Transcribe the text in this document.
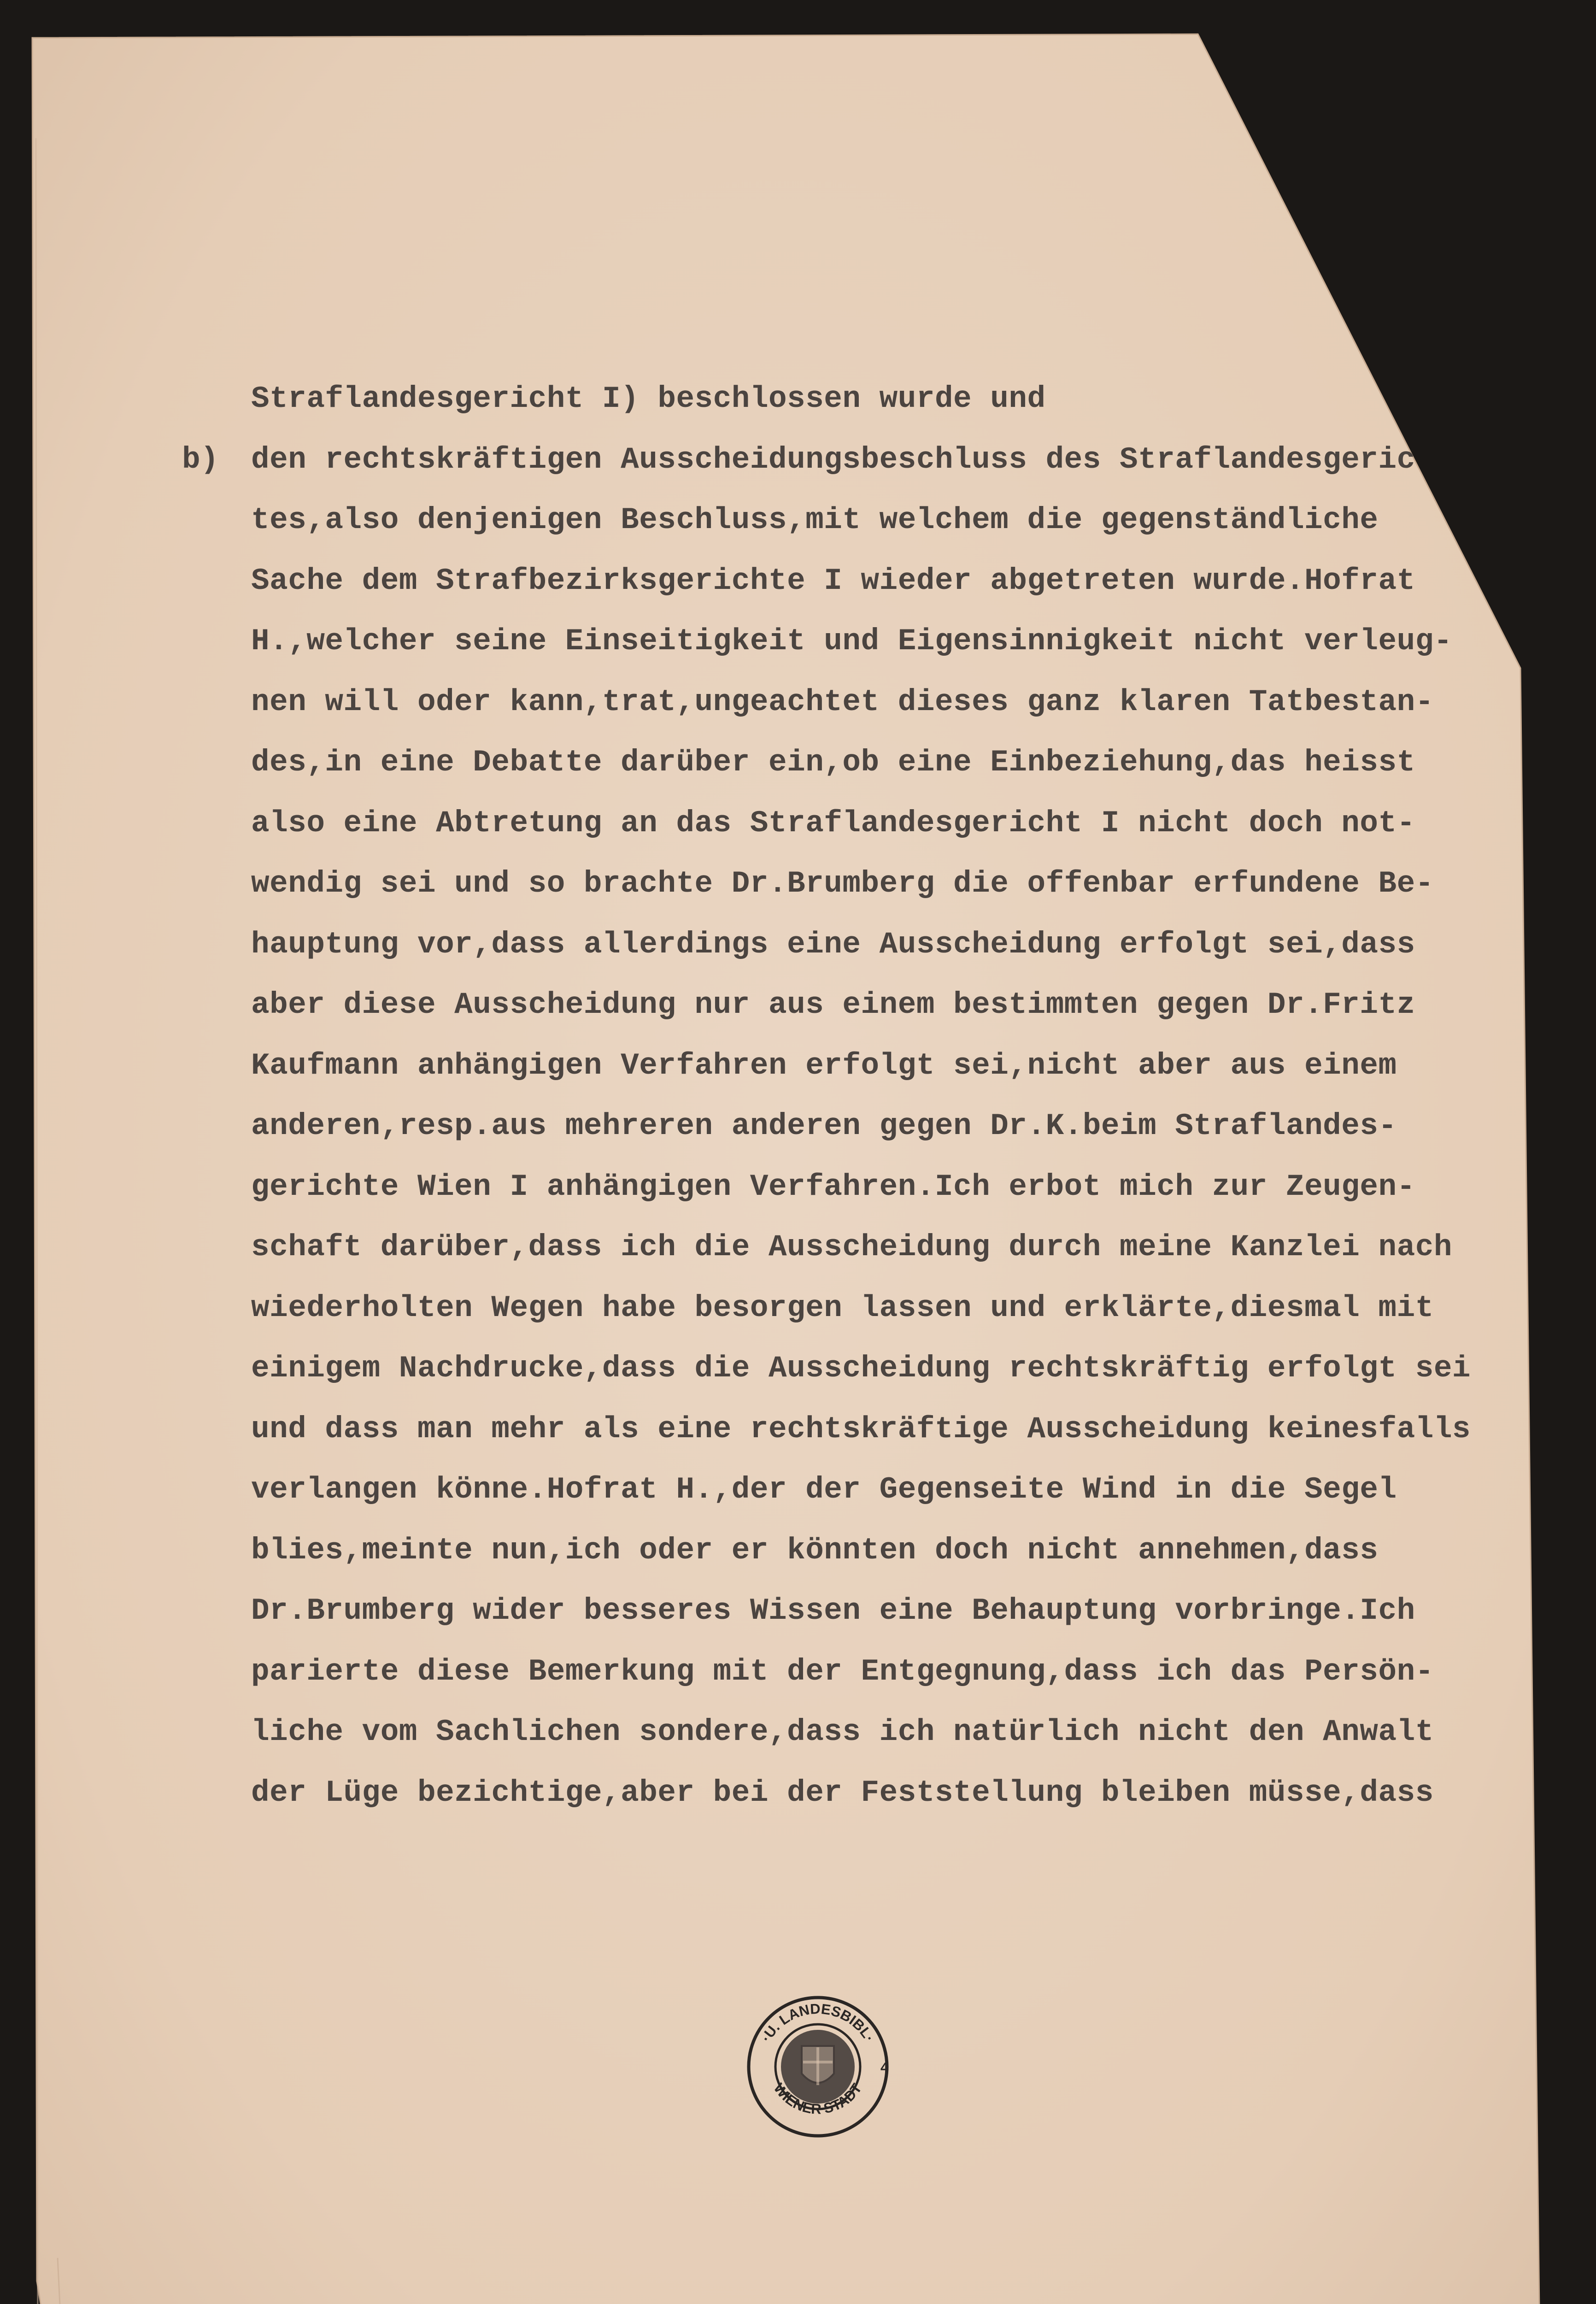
Straflandesgericht I) beschlossen wurde und
b) den rechtskräftigen Ausscheidungsbeschluss des Straflandesgeric
tes,also denjenigen Beschluss,mit welchem die gegenständliche
Sache dem Strafbezirksgerichte I wieder abgetreten wurde.Hofrat
H.,welcher seine Einseitigkeit und Eigensinnigkeit nicht verleug-
nen will oder kann,trat,ungeachtet dieses ganz klaren Tatbestan-
des,in eine Debatte darüber ein,ob eine Einbeziehung,das heisst
also eine Abtretung an das Straflandesgericht I nicht doch not-
wendig sei und so brachte Dr.Brumberg die offenbar erfundene Be-
hauptung vor,dass allerdings eine Ausscheidung erfolgt sei,dass
aber diese Ausscheidung nur aus einem bestimmten gegen Dr.Fritz
Kaufmann anhängigen Verfahren erfolgt sei,nicht aber aus einem
anderen,resp.aus mehreren anderen gegen Dr.K.beim Straflandes-
gerichte Wien I anhängigen Verfahren.Ich erbot mich zur Zeugen-
schaft darüber,dass ich die Ausscheidung durch meine Kanzlei nach
wiederholten Wegen habe besorgen lassen und erklärte,diesmal mit
einigem Nachdrucke,dass die Ausscheidung rechtskräftig erfolgt sei
und dass man mehr als eine rechtskräftige Ausscheidung keinesfalls
verlangen könne.Hofrat H.,der der Gegenseite Wind in die Segel
blies,meinte nun,ich oder er könnten doch nicht annehmen,dass
Dr.Brumberg wider besseres Wissen eine Behauptung vorbringe.Ich
parierte diese Bemerkung mit der Entgegnung,dass ich das Persön-
liche vom Sachlichen sondere,dass ich natürlich nicht den Anwalt
der Lüge bezichtige,aber bei der Feststellung bleiben müsse,dass
·U. LANDESBIBL·
WIENER STADT
4
